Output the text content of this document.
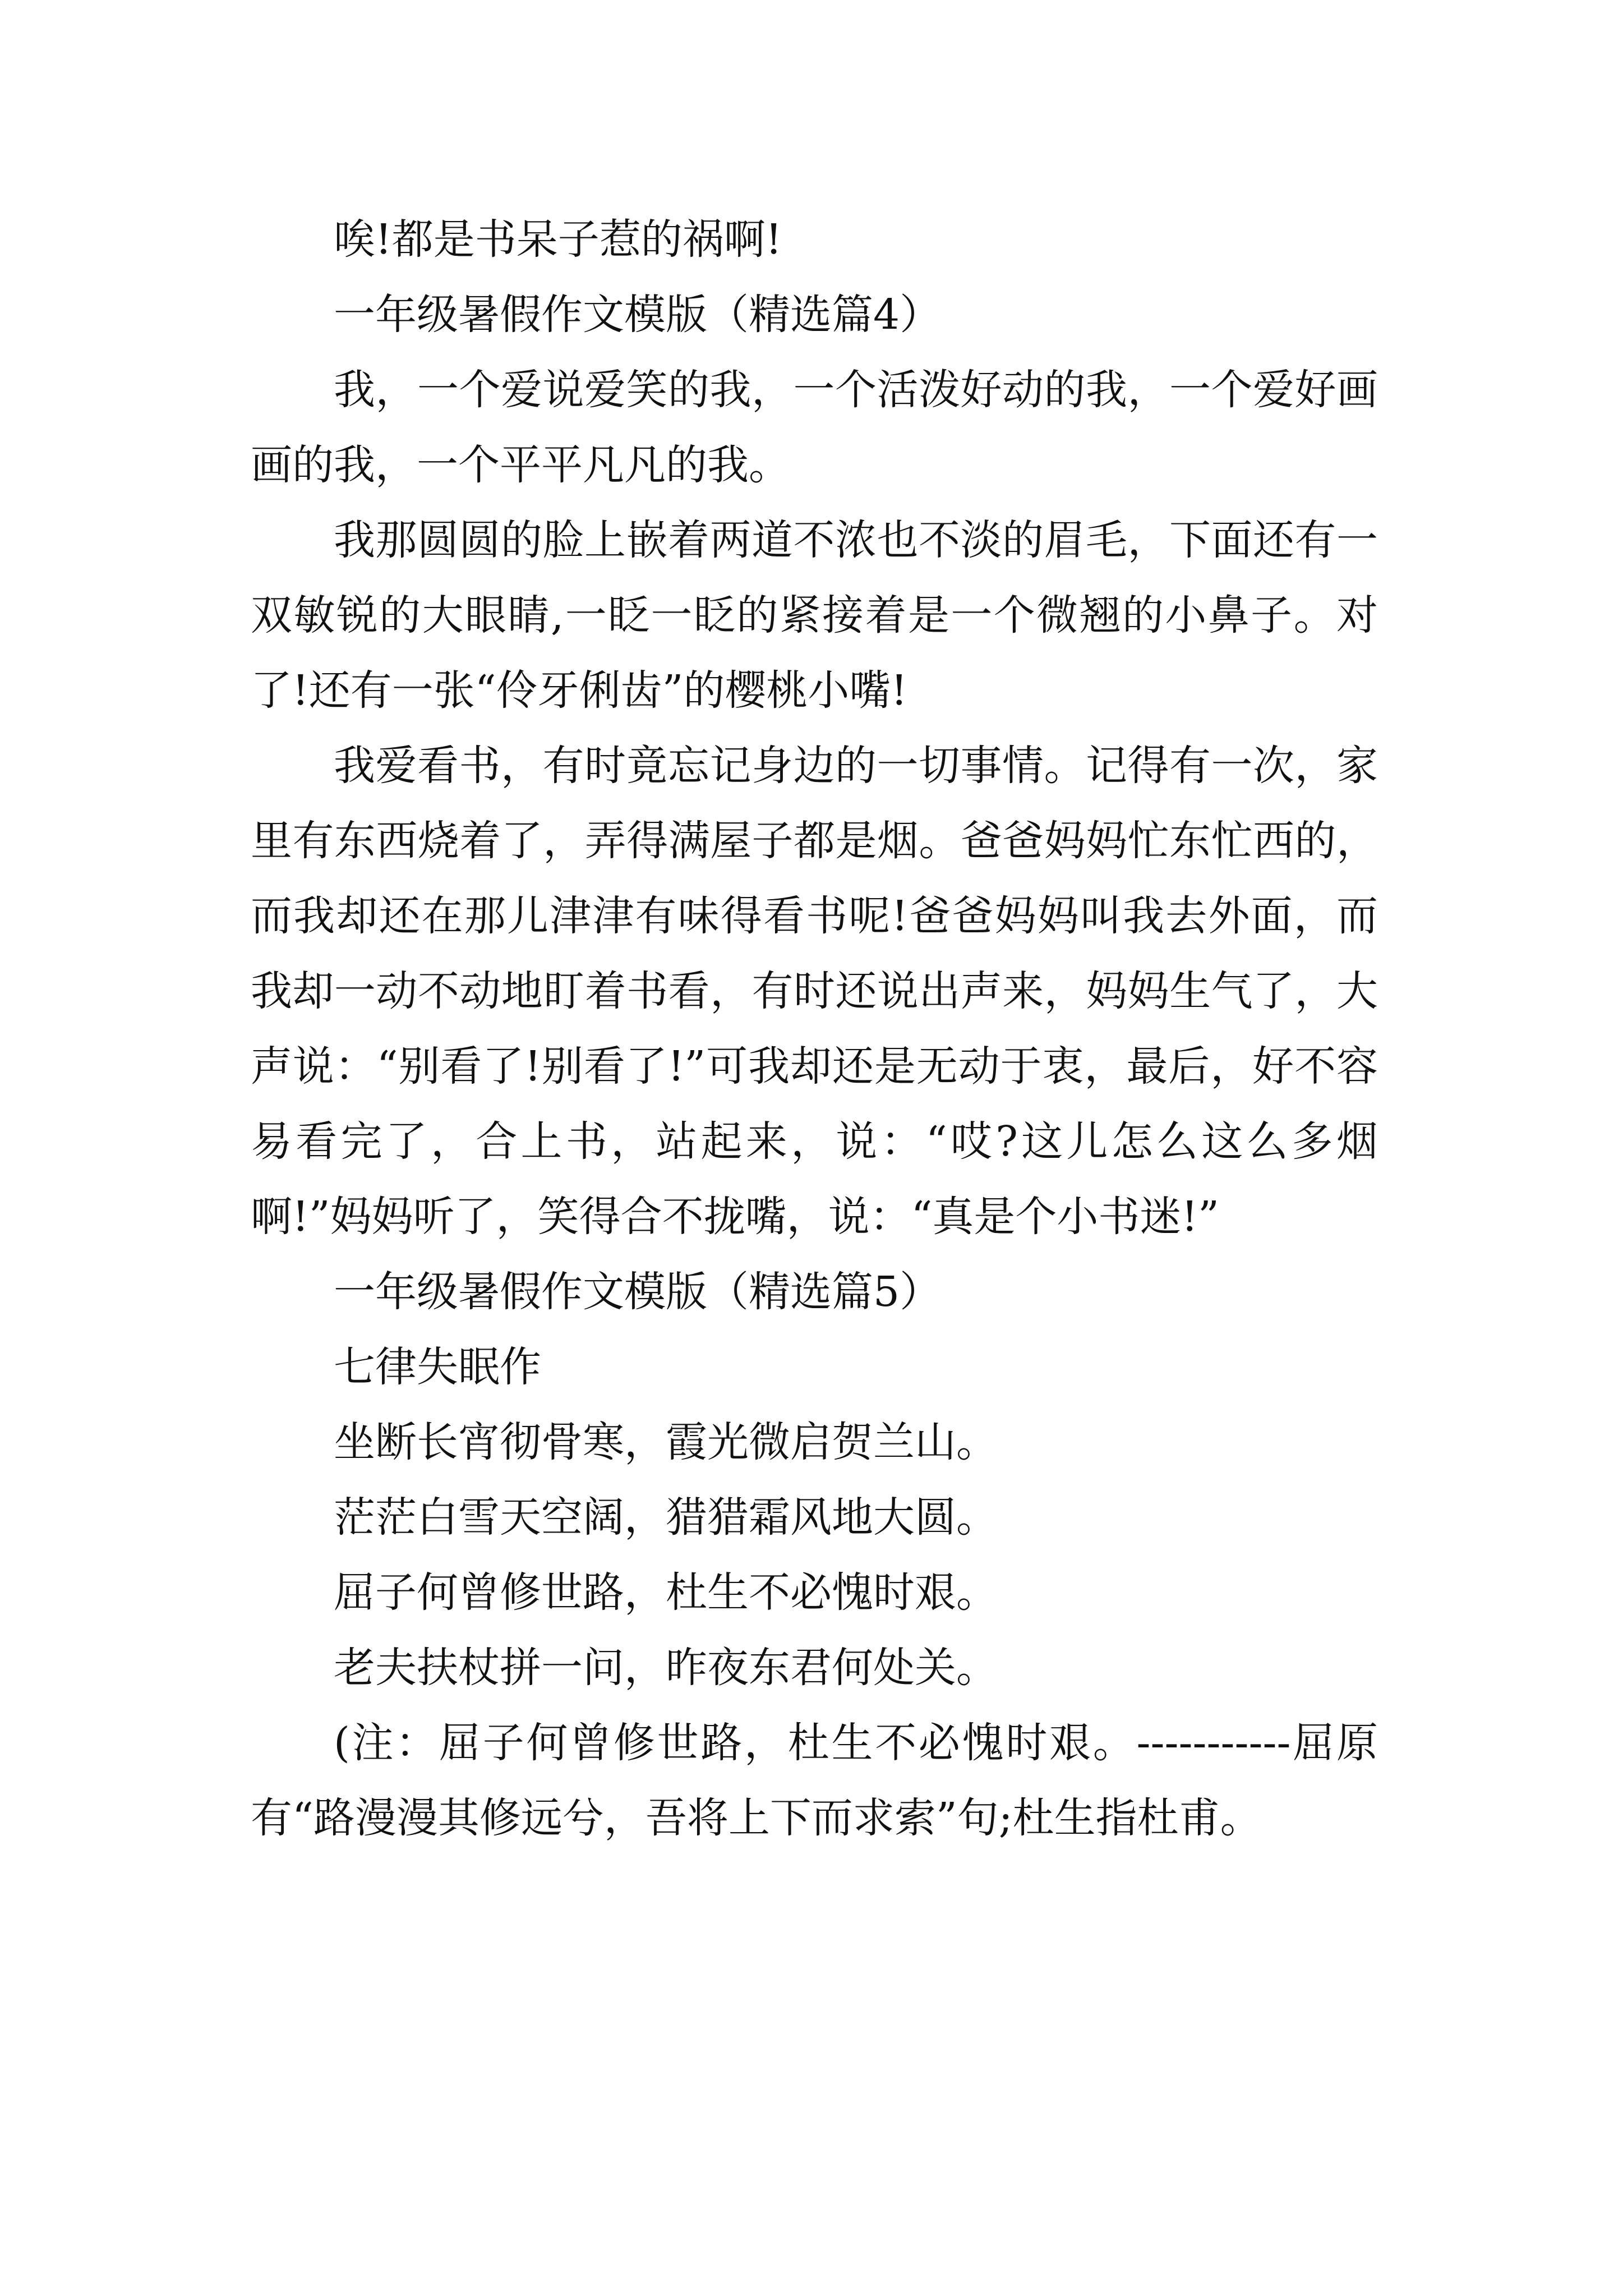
唉!都是书呆子惹的祸啊!

一年级暑假作文模版（精选篇4）

我，一个爱说爱笑的我，一个活泼好动的我，一个爱好画画的我，一个平平凡凡的我。

我那圆圆的脸上嵌着两道不浓也不淡的眉毛，下面还有一双敏锐的大眼睛,一眨一眨的紧接着是一个微翘的小鼻子。对了!还有一张“伶牙俐齿”的樱桃小嘴!

我爱看书，有时竟忘记身边的一切事情。记得有一次，家里有东西烧着了，弄得满屋子都是烟。爸爸妈妈忙东忙西的，而我却还在那儿津津有味得看书呢!爸爸妈妈叫我去外面，而我却一动不动地盯着书看，有时还说出声来，妈妈生气了，大声说：“别看了!别看了!”可我却还是无动于衷，最后，好不容易看完了，合上书，站起来，说：“哎?这儿怎么这么多烟啊!”妈妈听了，笑得合不拢嘴，说：“真是个小书迷!”

一年级暑假作文模版（精选篇5）

七律失眠作

坐断长宵彻骨寒，霞光微启贺兰山。

茫茫白雪天空阔，猎猎霜风地大圆。

屈子何曾修世路，杜生不必愧时艰。

老夫扶杖拼一问，昨夜东君何处关。

(注：屈子何曾修世路，杜生不必愧时艰。-----------屈原有“路漫漫其修远兮，吾将上下而求索”句;杜生指杜甫。
